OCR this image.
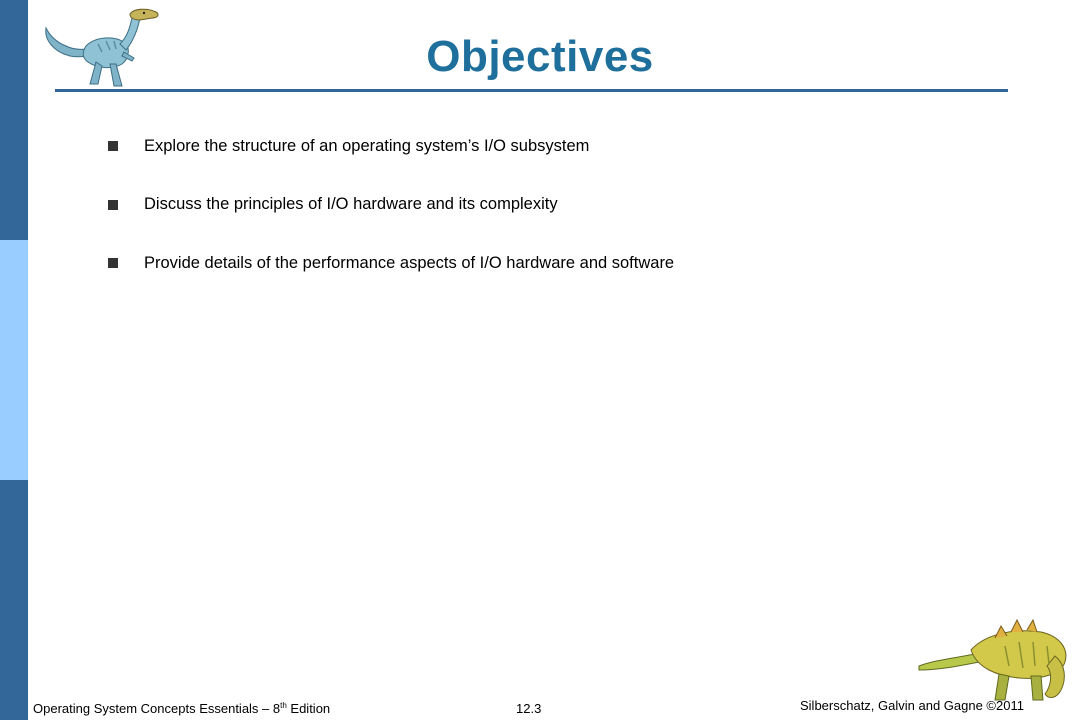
Objectives
Explore the structure of an operating system’s I/O subsystem
Discuss the principles of I/O hardware and its complexity
Provide details of the performance aspects of I/O hardware and software
Operating System Concepts Essentials – 8th Edition	12.3	Silberschatz, Galvin and Gagne ©2011
